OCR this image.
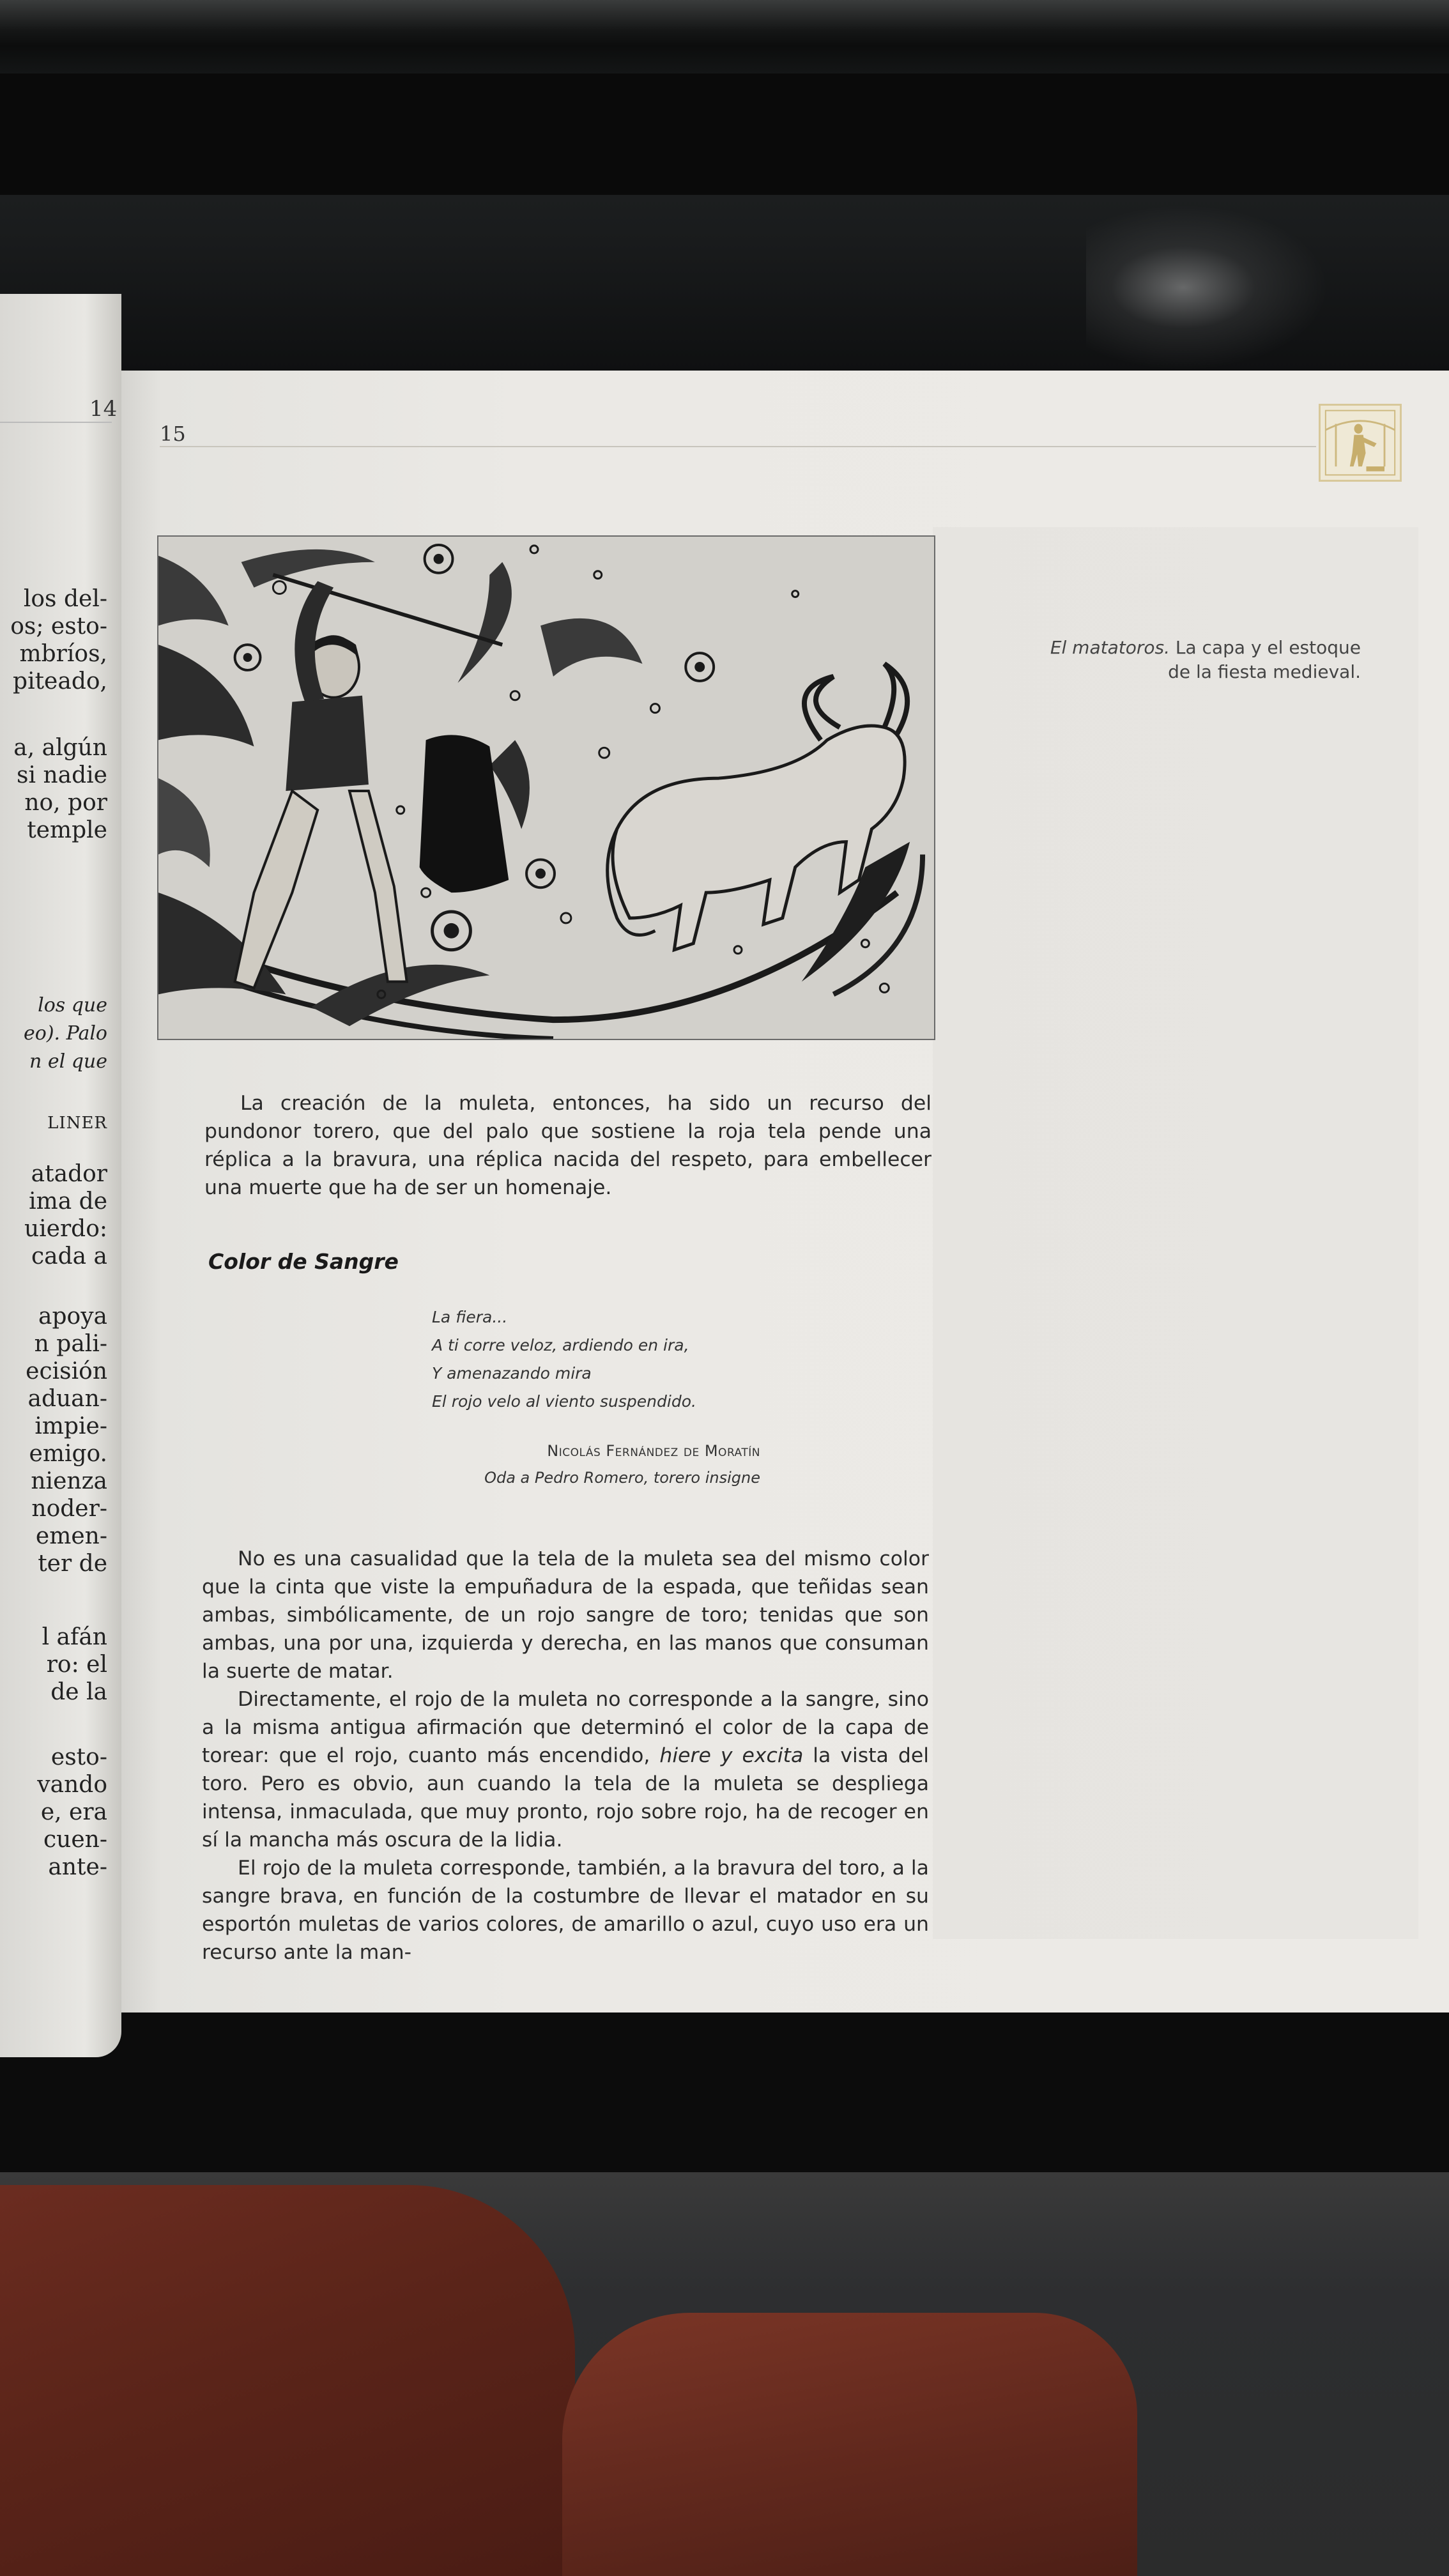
14
los del-
os; esto-
mbríos,
piteado,
a, algún
si nadie
no, por
temple
los que
eo). Palo
n el que
LINER
atador
ima de
uierdo:
cada a
apoya
n pali-
ecisión
aduan-
impie-
emigo.
nienza
noder-
emen-
ter de
l afán
ro: el
de la
esto-
vando
e, era
cuen-
ante-
15
El matatoros. La capa y el estoque
de la fiesta medieval.
La creación de la muleta, entonces, ha sido un recurso del pundonor torero, que del palo que sostiene la roja tela pende una réplica a la bravura, una réplica nacida del respeto, para embellecer una muerte que ha de ser un homenaje.
Color de Sangre
La fiera...
A ti corre veloz, ardiendo en ira,
Y amenazando mira
El rojo velo al viento suspendido.
Nicolás Fernández de Moratín
Oda a Pedro Romero, torero insigne
No es una casualidad que la tela de la muleta sea del mismo color que la cinta que viste la empuñadura de la espada, que teñidas sean ambas, simbólicamente, de un rojo sangre de toro; tenidas que son ambas, una por una, izquierda y derecha, en las manos que consuman la suerte de matar.
Directamente, el rojo de la muleta no corresponde a la sangre, sino a la misma antigua afirmación que determinó el color de la capa de torear: que el rojo, cuanto más encendido, hiere y excita la vista del toro. Pero es obvio, aun cuando la tela de la muleta se despliega intensa, inmaculada, que muy pronto, rojo sobre rojo, ha de recoger en sí la mancha más oscura de la lidia.
El rojo de la muleta corresponde, también, a la bravura del toro, a la sangre brava, en función de la costumbre de llevar el matador en su esportón muletas de varios colores, de amarillo o azul, cuyo uso era un recurso ante la man-
